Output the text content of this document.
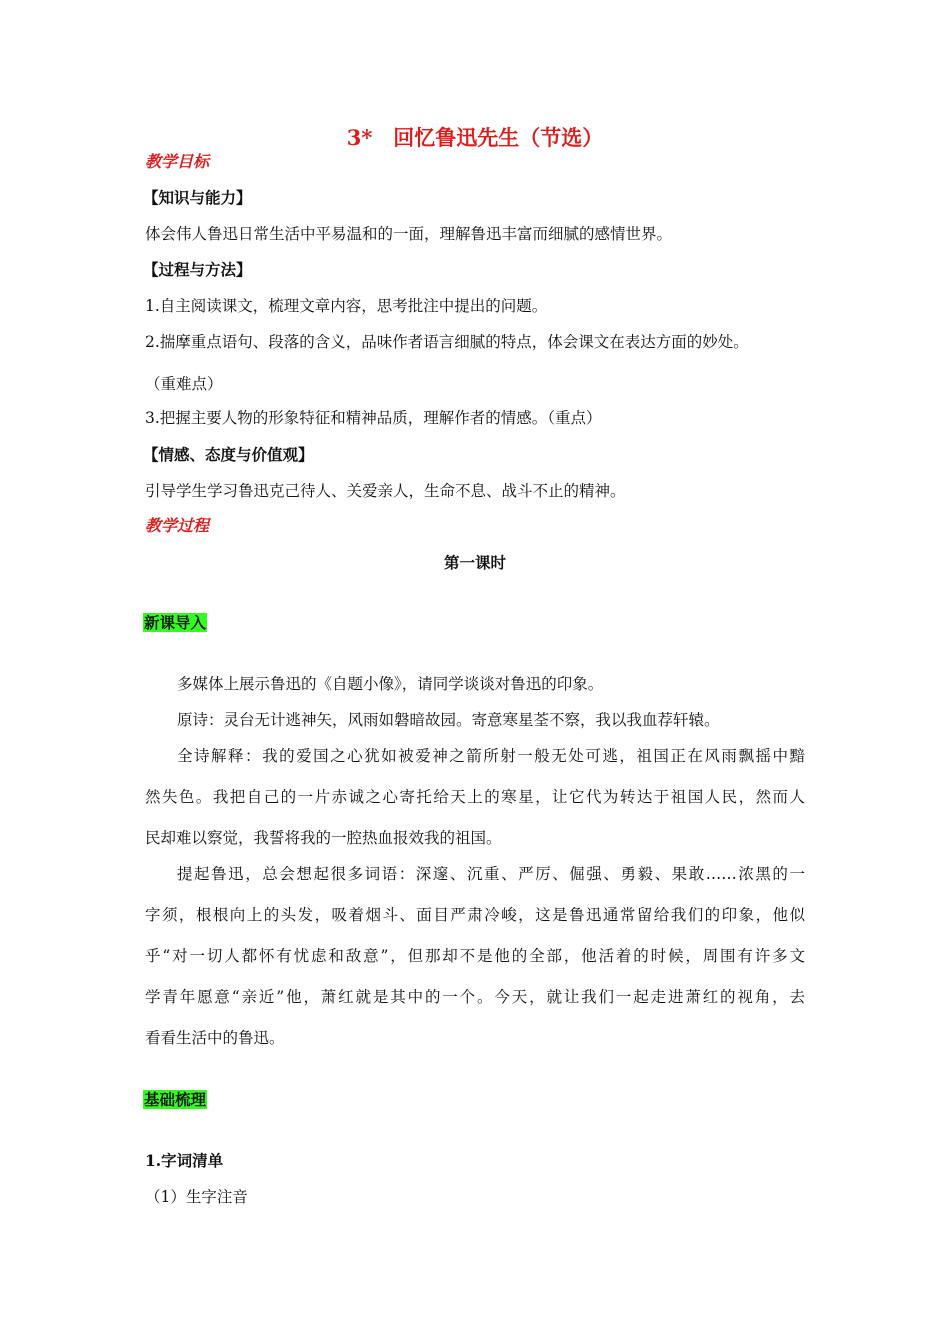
3*　回忆鲁迅先生（节选）
教学目标
【知识与能力】
体会伟人鲁迅日常生活中平易温和的一面，理解鲁迅丰富而细腻的感情世界。
【过程与方法】
1.自主阅读课文，梳理文章内容，思考批注中提出的问题。
2.揣摩重点语句、段落的含义，品味作者语言细腻的特点，体会课文在表达方面的妙处。
（重难点）
3.把握主要人物的形象特征和精神品质，理解作者的情感。（重点）
【情感、态度与价值观】
引导学生学习鲁迅克己待人、关爱亲人，生命不息、战斗不止的精神。
教学过程
第一课时
新课导入
多媒体上展示鲁迅的《自题小像》，请同学谈谈对鲁迅的印象。
原诗：灵台无计逃神矢，风雨如磐暗故园。寄意寒星荃不察，我以我血荐轩辕。
全诗解释：我的爱国之心犹如被爱神之箭所射一般无处可逃，祖国正在风雨飘摇中黯
然失色。我把自己的一片赤诚之心寄托给天上的寒星，让它代为转达于祖国人民，然而人
民却难以察觉，我誓将我的一腔热血报效我的祖国。
提起鲁迅，总会想起很多词语：深邃、沉重、严厉、倔强、勇毅、果敢……浓黑的一
字须，根根向上的头发，吸着烟斗、面目严肃冷峻，这是鲁迅通常留给我们的印象，他似
乎“对一切人都怀有忧虑和敌意”，但那却不是他的全部，他活着的时候，周围有许多文
学青年愿意“亲近”他，萧红就是其中的一个。今天，就让我们一起走进萧红的视角，去
看看生活中的鲁迅。
基础梳理
1.字词清单
（1）生字注音
